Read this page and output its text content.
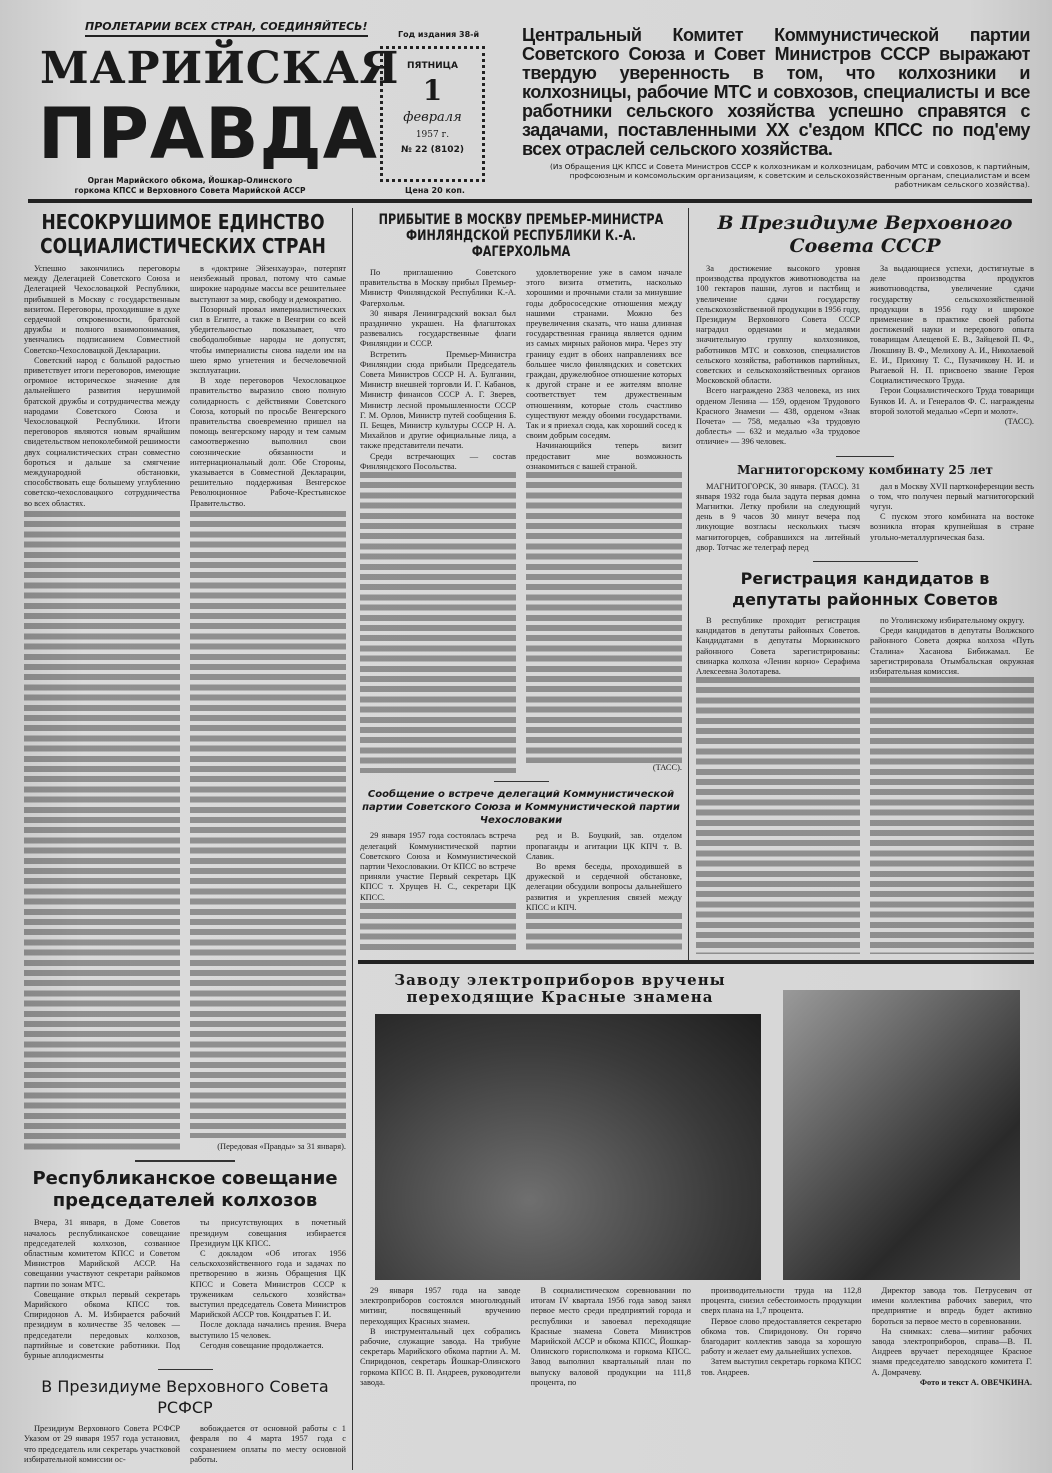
ПРОЛЕТАРИИ ВСЕХ СТРАН, СОЕДИНЯЙТЕСЬ!
МАРИЙСКАЯ
ПРАВДА
Орган Марийского обкома, Йошкар-Олинского горкома КПСС и Верховного Совета Марийской АССР
Год издания 38-й
ПЯТНИЦА
1
февраля
1957 г.
№ 22 (8102)
Цена 20 коп.
Центральный Комитет Коммунистической партии Советского Союза и Совет Министров СССР выражают твердую уверенность в том, что колхозники и колхозницы, рабочие МТС и совхозов, специалисты и все работники сельского хозяйства успешно справятся с задачами, поставленными XX с'ездом КПСС по под'ему всех отраслей сельского хозяйства.
(Из Обращения ЦК КПСС и Совета Министров СССР к колхозникам и колхозницам, рабочим МТС и совхозов, к партийным, профсоюзным и комсомольским организациям, к советским и сельскохозяйственным органам, специалистам и всем работникам сельского хозяйства).
НЕСОКРУШИМОЕ ЕДИНСТВО СОЦИАЛИСТИЧЕСКИХ СТРАН

Успешно закончились переговоры между Делегацией Советского Союза и Делегацией Чехословацкой Республики, прибывшей в Москву с государственным визитом. Переговоры, проходившие в духе сердечной откровенности, братской дружбы и полного взаимопонимания, увенчались подписанием Совместной Советско-Чехословацкой Декларации.

Советский народ с большой радостью приветствует итоги переговоров, имеющие огромное историческое значение для дальнейшего развития нерушимой братской дружбы и сотрудничества между народами Советского Союза и Чехословацкой Республики. Итоги переговоров являются новым ярчайшим свидетельством непоколебимой решимости двух социалистических стран совместно бороться и дальше за смягчение международной обстановки, способствовать еще большему углублению советско-чехословацкого сотрудничества во всех областях.

в «доктрине Эйзенхауэра», потерпят неизбежный провал, потому что самые широкие народные массы все решительнее выступают за мир, свободу и демократию.

Позорный провал империалистических сил в Египте, а также в Венгрии со всей убедительностью показывает, что свободолюбивые народы не допустят, чтобы империалисты снова надели им на шею ярмо угнетения и бесчеловечной эксплуатации.

В ходе переговоров Чехословацкое правительство выразило свою полную солидарность с действиями Советского Союза, который по просьбе Венгерского правительства своевременно пришел на помощь венгерскому народу и тем самым самоотверженно выполнил свои союзнические обязанности и интернациональный долг. Обе Стороны, указывается в Совместной Декларации, решительно поддерживая Венгерское Революционное Рабоче-Крестьянское Правительство.

(Передовая «Правды» за 31 января).
Республиканское совещание председателей колхозов

Вчера, 31 января, в Доме Советов началось республиканское совещание председателей колхозов, созванное областным комитетом КПСС и Советом Министров Марийской АССР. На совещании участвуют секретари райкомов партии по зонам МТС.

Совещание открыл первый секретарь Марийского обкома КПСС тов. Спиридонов А. М. Избирается рабочий президиум в количестве 35 человек — председатели передовых колхозов, партийные и советские работники. Под бурные аплодисменты

ты присутствующих в почетный президиум совещания избирается Президиум ЦК КПСС.

С докладом «Об итогах 1956 сельскохозяйственного года и задачах по претворению в жизнь Обращения ЦК КПСС и Совета Министров СССР к труженикам сельского хозяйства» выступил председатель Совета Министров Марийской АССР тов. Кондратьев Г. И.

После доклада начались прения. Вчера выступило 15 человек.

Сегодня совещание продолжается.

В Президиуме Верховного Совета РСФСР

Президиум Верховного Совета РСФСР Указом от 29 января 1957 года установил, что председатель или секретарь участковой избирательной комиссии ос-

вобождается от основной работы с 1 февраля по 4 марта 1957 года с сохранением оплаты по месту основной работы.

ПРИБЫТИЕ В МОСКВУ ПРЕМЬЕР-МИНИСТРА ФИНЛЯНДСКОЙ РЕСПУБЛИКИ К.-А. ФАГЕРХОЛЬМА

По приглашению Советского правительства в Москву прибыл Премьер-Министр Финляндской Республики К.-А. Фагерхольм.

30 января Ленинградский вокзал был празднично украшен. На флагштоках развевались государственные флаги Финляндии и СССР.

Встретить Премьер-Министра Финляндии сюда прибыли Председатель Совета Министров СССР Н. А. Булганин, Министр внешней торговли И. Г. Кабанов, Министр финансов СССР А. Г. Зверев, Министр лесной промышленности СССР Г. М. Орлов, Министр путей сообщения Б. П. Бещев, Министр культуры СССР Н. А. Михайлов и другие официальные лица, а также представители печати.

Среди встречающих — состав Финляндского Посольства.

удовлетворение уже в самом начале этого визита отметить, насколько хорошими и прочными стали за минувшие годы добрососедские отношения между нашими странами. Можно без преувеличения сказать, что наша длинная государственная граница является одним из самых мирных районов мира. Через эту границу ездит в обоих направлениях все большее число финляндских и советских граждан, дружелюбное отношение которых к другой стране и ее жителям вполне соответствует тем дружественным отношениям, которые столь счастливо существуют между обоими государствами. Так и я приехал сюда, как хороший сосед к своим добрым соседям.

Начинающийся теперь визит предоставит мне возможность ознакомиться с вашей страной.

(ТАСС).
Сообщение о встрече делегаций Коммунистической партии Советского Союза и Коммунистической партии Чехословакии

29 января 1957 года состоялась встреча делегаций Коммунистической партии Советского Союза и Коммунистической партии Чехословакии. От КПСС во встрече приняли участие Первый секретарь ЦК КПСС т. Хрущев Н. С., секретари ЦК КПСС.

ред и В. Боуцкий, зав. отделом пропаганды и агитации ЦК КПЧ т. В. Славик.

Во время беседы, проходившей в дружеской и сердечной обстановке, делегации обсудили вопросы дальнейшего развития и укрепления связей между КПСС и КПЧ.

В Президиуме Верховного Совета СССР

За достижение высокого уровня производства продуктов животноводства на 100 гектаров пашни, лугов и пастбищ и увеличение сдачи государству сельскохозяйственной продукции в 1956 году, Президиум Верховного Совета СССР наградил орденами и медалями значительную группу колхозников, работников МТС и совхозов, специалистов сельского хозяйства, работников партийных, советских и сельскохозяйственных органов Московской области.

Всего награждено 2383 человека, из них орденом Ленина — 159, орденом Трудового Красного Знамени — 438, орденом «Знак Почета» — 758, медалью «За трудовую доблесть» — 632 и медалью «За трудовое отличие» — 396 человек.

За выдающиеся успехи, достигнутые в деле производства продуктов животноводства, увеличение сдачи государству сельскохозяйственной продукции в 1956 году и широкое применение в практике своей работы достижений науки и передового опыта товарищам Алещевой Е. В., Зайцевой П. Ф., Люкшину В. Ф., Мелихову А. И., Николаевой Е. И., Прихину Т. С., Пузачикову Н. И. и Рыгаевой Н. П. присвоено звание Героя Социалистического Труда.

Герои Социалистического Труда товарищи Бунков И. А. и Генералов Ф. С. награждены второй золотой медалью «Серп и молот».

(ТАСС).
Магнитогорскому комбинату 25 лет

МАГНИТОГОРСК, 30 января. (ТАСС). 31 января 1932 года была задута первая домна Магнитки. Летку пробили на следующий день в 9 часов 30 минут вечера под ликующие возгласы нескольких тысяч магнитогорцев, собравшихся на литейный двор. Тотчас же телеграф перед

дал в Москву XVII партконференции весть о том, что получен первый магнитогорский чугун.

С пуском этого комбината на востоке возникла вторая крупнейшая в стране угольно-металлургическая база.

Регистрация кандидатов в депутаты районных Советов

В республике проходит регистрация кандидатов в депутаты районных Советов. Кандидатами в депутаты Моркинского районного Совета зарегистрированы: свинарка колхоза «Ленин корно» Серафима Алексеевна Золотарева.

по Уголинскому избирательному округу.

Среди кандидатов в депутаты Волжского районного Совета доярка колхоза «Путь Сталина» Хасанова Бибижамал. Ее зарегистрировала Отымбальская окружная избирательная комиссия.

Заводу электроприборов вручены переходящие Красные знамена

29 января 1957 года на заводе электроприборов состоялся многолюдный митинг, посвященный вручению переходящих Красных знамен.

В инструментальный цех собрались рабочие, служащие завода. На трибуне секретарь Марийского обкома партии А. М. Спиридонов, секретарь Йошкар-Олинского горкома КПСС В. П. Андреев, руководители завода.

В социалистическом соревновании по итогам IV квартала 1956 года завод занял первое место среди предприятий города и республики и завоевал переходящие Красные знамена Совета Министров Марийской АССР и обкома КПСС, Йошкар-Олинского горисполкома и горкома КПСС. Завод выполнил квартальный план по выпуску валовой продукции на 111,8 процента, по

производительности труда на 112,8 процента, снизил себестоимость продукции сверх плана на 1,7 процента.

Первое слово предоставляется секретарю обкома тов. Спиридонову. Он горячо благодарит коллектив завода за хорошую работу и желает ему дальнейших успехов.

Затем выступил секретарь горкома КПСС тов. Андреев.

Директор завода тов. Петрусевич от имени коллектива рабочих заверил, что предприятие и впредь будет активно бороться за первое место в соревновании.

На снимках: слева—митинг рабочих завода электроприборов, справа—В. П. Андреев вручает переходящее Красное знамя председателю заводского комитета Г. А. Домрачеву.

Фото и текст А. ОВЕЧКИНА.
